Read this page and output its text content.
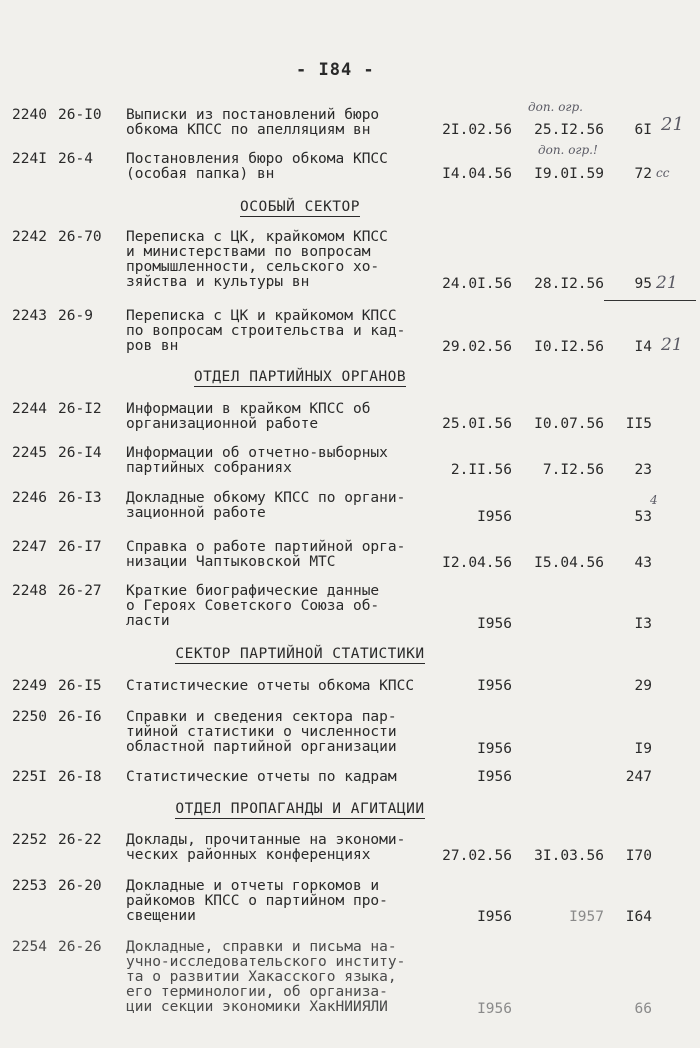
- I84 -
2240 26-I0 Выписки из постановлений бюро
обкома КПСС по апелляциям вн	2I.02.56 25.I2.56 6I
доп. огр.
21
224I 26-4 Постановления бюро обкома КПСС
(особая папка) вн	I4.04.56 I9.0I.59 72
доп. огр.!
сс
ОСОБЫЙ СЕКТОР
2242 26-70 Переписка с ЦК, крайкомом КПСС
и министерствами по вопросам
промышленности, сельского хо-
зяйства и культуры вн	24.0I.56 28.I2.56 95 21
2243 26-9 Переписка с ЦК и крайкомом КПСС
по вопросам строительства и кад-
ров вн	29.02.56 I0.I2.56 I4 21
ОТДЕЛ ПАРТИЙНЫХ ОРГАНОВ
2244 26-I2 Информации в крайком КПСС об
организационной работе	25.0I.56 I0.07.56 II5
2245 26-I4 Информации об отчетно-выборных
партийных собраниях	2.II.56 7.I2.56 23
2246 26-I3 Докладные обкому КПСС по органи-
зационной работе	I956	53
4
2247 26-I7 Справка о работе партийной орга-
низации Чаптыковской МТС	I2.04.56 I5.04.56 43
2248 26-27 Краткие биографические данные
о Героях Советского Союза об-
ласти	I956	I3
СЕКТОР ПАРТИЙНОЙ СТАТИСТИКИ
2249 26-I5 Статистические отчеты обкома КПСС	I956	29
2250 26-I6 Справки и сведения сектора пар-
тийной статистики о численности
областной партийной организации	I956	I9
225I 26-I8 Статистические отчеты по кадрам	I956	247
ОТДЕЛ ПРОПАГАНДЫ И АГИТАЦИИ
2252 26-22 Доклады, прочитанные на экономи-
ческих районных конференциях	27.02.56 3I.03.56 I70
2253 26-20 Докладные и отчеты горкомов и
райкомов КПСС о партийном про-
свещении	I956	I957 I64
2254 26-26 Докладные, справки и письма на-
учно-исследовательского институ-
та о развитии Хакасского языка,
его терминологии, об организа-
ции секции экономики ХакНИИЯЛИ	I956	66
